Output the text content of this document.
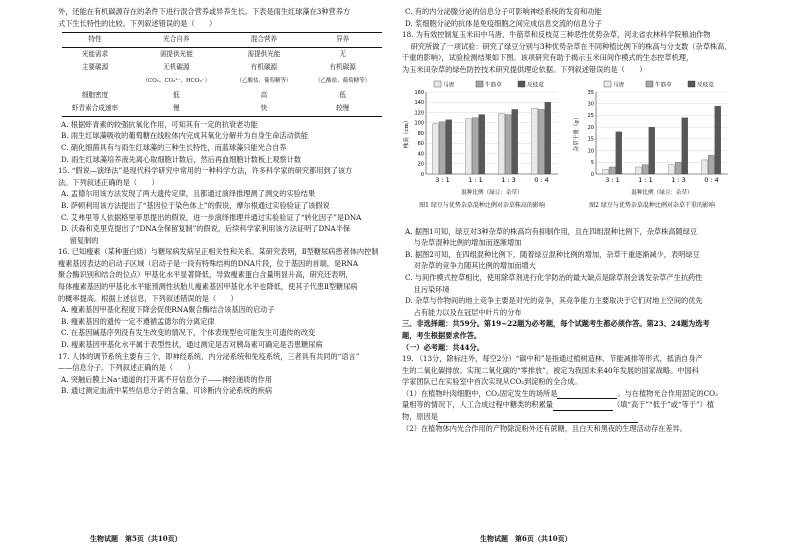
外，还能在有机碳源存在的条件下进行混合营养或异养生长。下表是雨生红球藻在3种营养方

式下生长特性的比较。下列叙述错误的是（　　）

特性	光合自养	混合营养	异养
光能需求	需提供光能	需提供光能	无
主要碳源	无机碳源	有机碳源	有机碳源
	（CO₂、CO₃²⁻、HCO₃⁻）	（乙酸盐、葡萄糖等）	（乙酸盐、葡萄糖等）
细胞密度	低	高	低
虾青素合成速率	慢	快	较慢

A. 根据虾青素的较强抗氧化作用，可知其有一定的抗衰老功能

B. 雨生红球藻吸收的葡萄糖在线粒体内完成其氧化分解并为自身生命活动供能

C. 硝化细菌具有与雨生红球藻的三种生长特性，而蓝球藻只能光合自养

D. 雨生红球藻培养液先离心取细胞计数后，然后再血细胞计数板上观察计数

15. “假说—演绎法”是现代科学研究中常用的一种科学方法，许多科学家的研究都用到了该方

法。下列叙述正确的是（　　）

A. 孟德尔用该方法发现了两大遗传定律，且都通过演绎推理测了测交的实验结果

B. 萨顿利用该方法提出了“基因位于染色体上”的假说，摩尔根通过实验验证了该假说

C. 艾弗里等人依据格里菲思提出的假说，进一步演绎推理并通过实验验证了“转化因子”是DNA

D. 沃森和克里克提出了“DNA全保留复制”的假说，后续科学家利用该方法证明了DNA半保

留复制的

16. 已知瘦素（某种蛋白质）与糖尿病发病呈正相关性和关系。某研究表明，Ⅱ型糖尿病患者体内控制

瘦素基因表达的启动子区域（启动子是一段有特殊结构的DNA片段，位于基因的首端，是RNA

聚合酶识别和结合的位点）甲基化水平显著降低，导致瘦素蛋白含量明显升高，研究还表明，

每体瘦素基因的甲基化水平能预测性状胎儿瘦素基因甲基化水平也降低，使其子代患Ⅱ型糖尿病

的概率提高。根据上述信息，下列叙述错误的是（　　）

A. 瘦素基因甲基化程度下降会促使RNA聚合酶结合该基因的启动子

B. 瘦素基因的遗传一定不遵循孟德尔的分离定律

C. 在基因碱基序列没有发生改变的情况下，个体表现型也可能发生可遗传的改变

D. 瘦素基因甲基化水平属于表型性状，通过测定是否对胰岛素可确定是否患糖尿病

17. 人体的调节系统主要有三个，即神经系统、内分泌系统和免疫系统，三者具有共同的“语言”

——信息分子。下列叙述正确的是（　　）

A. 突触后膜上Na⁺通道的打开离不开信息分子——神经递质的作用

B. 通过测定血液中某些信息分子的含量，可诊断内分泌系统的疾病

C. 有的内分泌腺分泌的信息分子可影响神经系统的发育和功能

D. 浆细胞分泌的抗体是免疫细胞之间完成信息交流的信息分子

18. 为有效控制复玉米田中马唐、牛筋草和反枝苋三种恶性优势杂草，河北省农林科学院粮油作物

研究所做了一项试验：研究了绿豆分别与3种优势杂草在不同种植比例下的株高与分支数（杂草株高、

干重的影响），试验检测结果如下图。该项研究有助于揭示玉米田间作模式的生态控草机理，

为玉米田杂草的绿色防控技术研究提供理论依据。下列叙述错误的是（　　）

马唐	牛筋草	反枝苋
0
20
40
60
80
100
120
140
160
3 : 1	1 : 1	1 : 3	0 : 4
混种比例（绿豆：杂草）
株高（cm）
马唐	牛筋草	反枝苋
0
5
10
15
20
25
30
35
3 : 1	1 : 1	1 : 3	0 : 4
混种比例（绿豆：杂草）
杂草干重（g）
图1 绿豆与优势杂草混种比例对杂草株高的影响	图2 绿豆与优势杂草混种比例对杂草干重的影响

A. 据图1可知，绿豆对3种杂草的株高均有抑制作用，且在四组混种比例下，杂草株高随绿豆

与杂草混种比例的增加而逐渐增加

B. 据图2可知，在四组混种比例下，随着绿豆混种比例的增加，杂草干重逐渐减少，表明绿豆

对杂草的竞争力随其比例的增加而增大

C. 与间作模式控草相比，使用除草剂进行化学防治的最大缺点是除草剂会诱发杂草产生抗药性

且污染环境

D. 杂草与作物间的地上竞争主要是对光的竞争，其竞争能力主要取决于它们对地上空间的优先

占有能力以及在冠层中叶片的分布

三、非选择题：共59分。第19~22题为必考题，每个试题考生都必须作答。第23、24题为选考

题，考生根据要求作答。

（一）必考题：共44分。

19. （13分，除标注外，每空2分）“碳中和”是指通过植树造林、节能减排等形式，抵消自身产

生的二氧化碳排放。实现二氧化碳的“零排放”，被定为我国未来40年发展的国家战略。中国科

学家团队已在实验室中首次实现从CO₂到淀粉的全合成。

（1）在植物叶肉细胞中，CO₂固定发生的场所是	。与在植物光合作用固定的CO₂

量相等的情况下，人工合成过程中糖类的积累量	（填“高于”“低于”或“等于”）植

物，原因是

（2）在植物体内光合作用的产物除淀粉外还有蔗糖，且白天和黑夜的生理活动存在差异。

生物试题　第5页（共10页）	生物试题　第6页（共10页）
